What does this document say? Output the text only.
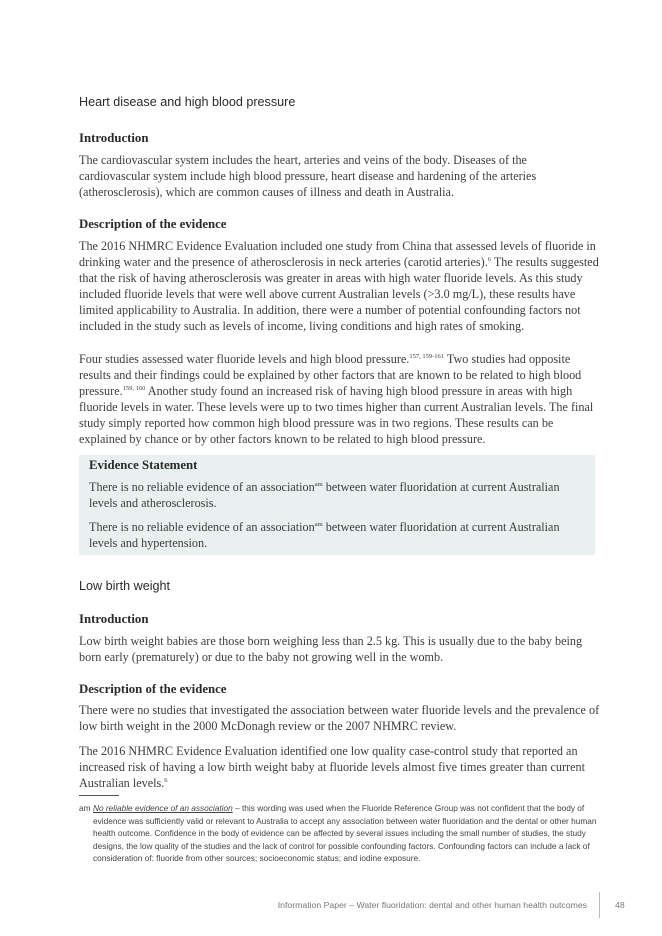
Heart disease and high blood pressure
Introduction

The cardiovascular system includes the heart, arteries and veins of the body. Diseases of the cardiovascular system include high blood pressure, heart disease and hardening of the arteries (atherosclerosis), which are common causes of illness and death in Australia.

Description of the evidence

The 2016 NHMRC Evidence Evaluation included one study from China that assessed levels of fluoride in drinking water and the presence of atherosclerosis in neck arteries (carotid arteries).$^6$ The results suggested that the risk of having atherosclerosis was greater in areas with high water fluoride levels. As this study included fluoride levels that were well above current Australian levels (>3.0 mg/L), these results have limited applicability to Australia. In addition, there were a number of potential confounding factors not included in the study such as levels of income, living conditions and high rates of smoking.

Four studies assessed water fluoride levels and high blood pressure.$^{157, 159-161}$ Two studies had opposite results and their findings could be explained by other factors that are known to be related to high blood pressure.$^{159, 160}$ Another study found an increased risk of having high blood pressure in areas with high fluoride levels in water. These levels were up to two times higher than current Australian levels. The final study simply reported how common high blood pressure was in two regions. These results can be explained by chance or by other factors known to be related to high blood pressure.

Evidence Statement

There is no reliable evidence of an association$^{am}$ between water fluoridation at current Australian levels and atherosclerosis.

There is no reliable evidence of an association$^{am}$ between water fluoridation at current Australian levels and hypertension.

Low birth weight
Introduction

Low birth weight babies are those born weighing less than 2.5 kg. This is usually due to the baby being born early (prematurely) or due to the baby not growing well in the womb.

Description of the evidence

There were no studies that investigated the association between water fluoride levels and the prevalence of low birth weight in the 2000 McDonagh review or the 2007 NHMRC review.

The 2016 NHMRC Evidence Evaluation identified one low quality case-control study that reported an increased risk of having a low birth weight baby at fluoride levels almost five times greater than current Australian levels.$^6$

am No reliable evidence of an association – this wording was used when the Fluoride Reference Group was not confident that the body of evidence was sufficiently valid or relevant to Australia to accept any association between water fluoridation and the dental or other human health outcome. Confidence in the body of evidence can be affected by several issues including the small number of studies, the study designs, the low quality of the studies and the lack of control for possible confounding factors. Confounding factors can include a lack of consideration of: fluoride from other sources; socioeconomic status; and iodine exposure.
Information Paper – Water fluoridation: dental and other human health outcomes	48
